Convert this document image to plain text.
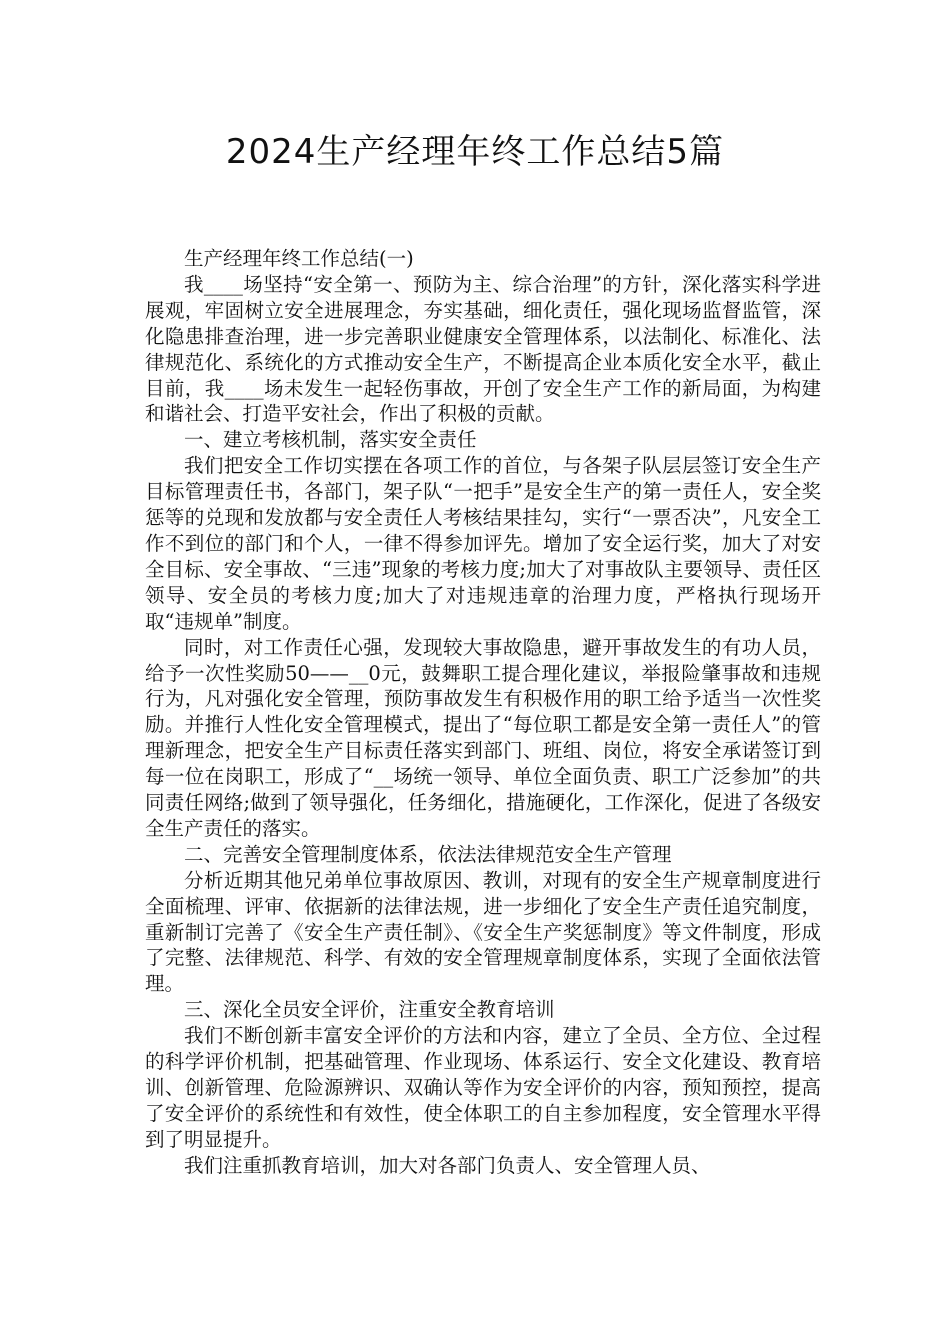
2024生产经理年终工作总结5篇

生产经理年终工作总结(一)

我____场坚持“安全第一、预防为主、综合治理”的方针，深化落实科学进展观，牢固树立安全进展理念，夯实基础，细化责任，强化现场监督监管，深化隐患排查治理，进一步完善职业健康安全管理体系，以法制化、标准化、法律规范化、系统化的方式推动安全生产，不断提高企业本质化安全水平，截止目前，我____场未发生一起轻伤事故，开创了安全生产工作的新局面，为构建和谐社会、打造平安社会，作出了积极的贡献。

一、建立考核机制，落实安全责任

我们把安全工作切实摆在各项工作的首位，与各架子队层层签订安全生产目标管理责任书，各部门，架子队“一把手”是安全生产的第一责任人，安全奖惩等的兑现和发放都与安全责任人考核结果挂勾，实行“一票否决”，凡安全工作不到位的部门和个人，一律不得参加评先。增加了安全运行奖，加大了对安全目标、安全事故、“三违”现象的考核力度;加大了对事故队主要领导、责任区领导、安全员的考核力度;加大了对违规违章的治理力度，严格执行现场开取“违规单”制度。

同时，对工作责任心强，发现较大事故隐患，避开事故发生的有功人员，给予一次性奖励50——__0元，鼓舞职工提合理化建议，举报险肇事故和违规行为，凡对强化安全管理，预防事故发生有积极作用的职工给予适当一次性奖励。并推行人性化安全管理模式，提出了“每位职工都是安全第一责任人”的管理新理念，把安全生产目标责任落实到部门、班组、岗位，将安全承诺签订到每一位在岗职工，形成了“__场统一领导、单位全面负责、职工广泛参加”的共同责任网络;做到了领导强化，任务细化，措施硬化，工作深化，促进了各级安全生产责任的落实。

二、完善安全管理制度体系，依法法律规范安全生产管理

分析近期其他兄弟单位事故原因、教训，对现有的安全生产规章制度进行全面梳理、评审、依据新的法律法规，进一步细化了安全生产责任追究制度，重新制订完善了《安全生产责任制》、《安全生产奖惩制度》等文件制度，形成了完整、法律规范、科学、有效的安全管理规章制度体系，实现了全面依法管理。

三、深化全员安全评价，注重安全教育培训

我们不断创新丰富安全评价的方法和内容，建立了全员、全方位、全过程的科学评价机制，把基础管理、作业现场、体系运行、安全文化建设、教育培训、创新管理、危险源辨识、双确认等作为安全评价的内容，预知预控，提高了安全评价的系统性和有效性，使全体职工的自主参加程度，安全管理水平得到了明显提升。

我们注重抓教育培训，加大对各部门负责人、安全管理人员、
